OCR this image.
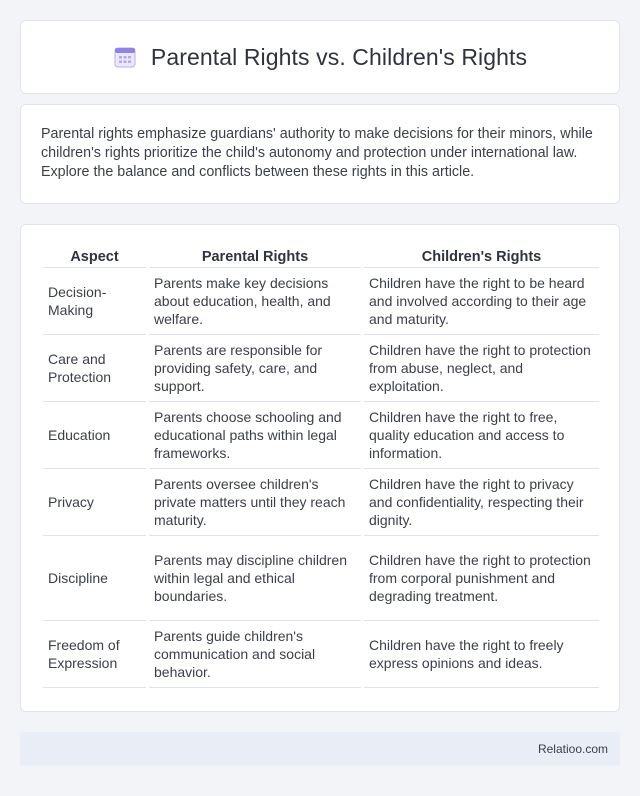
Parental Rights vs. Children's Rights

Parental rights emphasize guardians' authority to make decisions for their minors, while children's rights prioritize the child's autonomy and protection under international law. Explore the balance and conflicts between these rights in this article.

Aspect	Parental Rights	Children's Rights
Decision-Making	Parents make key decisions about education, health, and welfare.	Children have the right to be heard and involved according to their age and maturity.
Care and Protection	Parents are responsible for providing safety, care, and support.	Children have the right to protection from abuse, neglect, and exploitation.
Education	Parents choose schooling and educational paths within legal frameworks.	Children have the right to free, quality education and access to information.
Privacy	Parents oversee children's private matters until they reach maturity.	Children have the right to privacy and confidentiality, respecting their dignity.
Discipline	Parents may discipline children within legal and ethical boundaries.	Children have the right to protection from corporal punishment and degrading treatment.
Freedom of Expression	Parents guide children's communication and social behavior.	Children have the right to freely express opinions and ideas.
Relatioo.com
